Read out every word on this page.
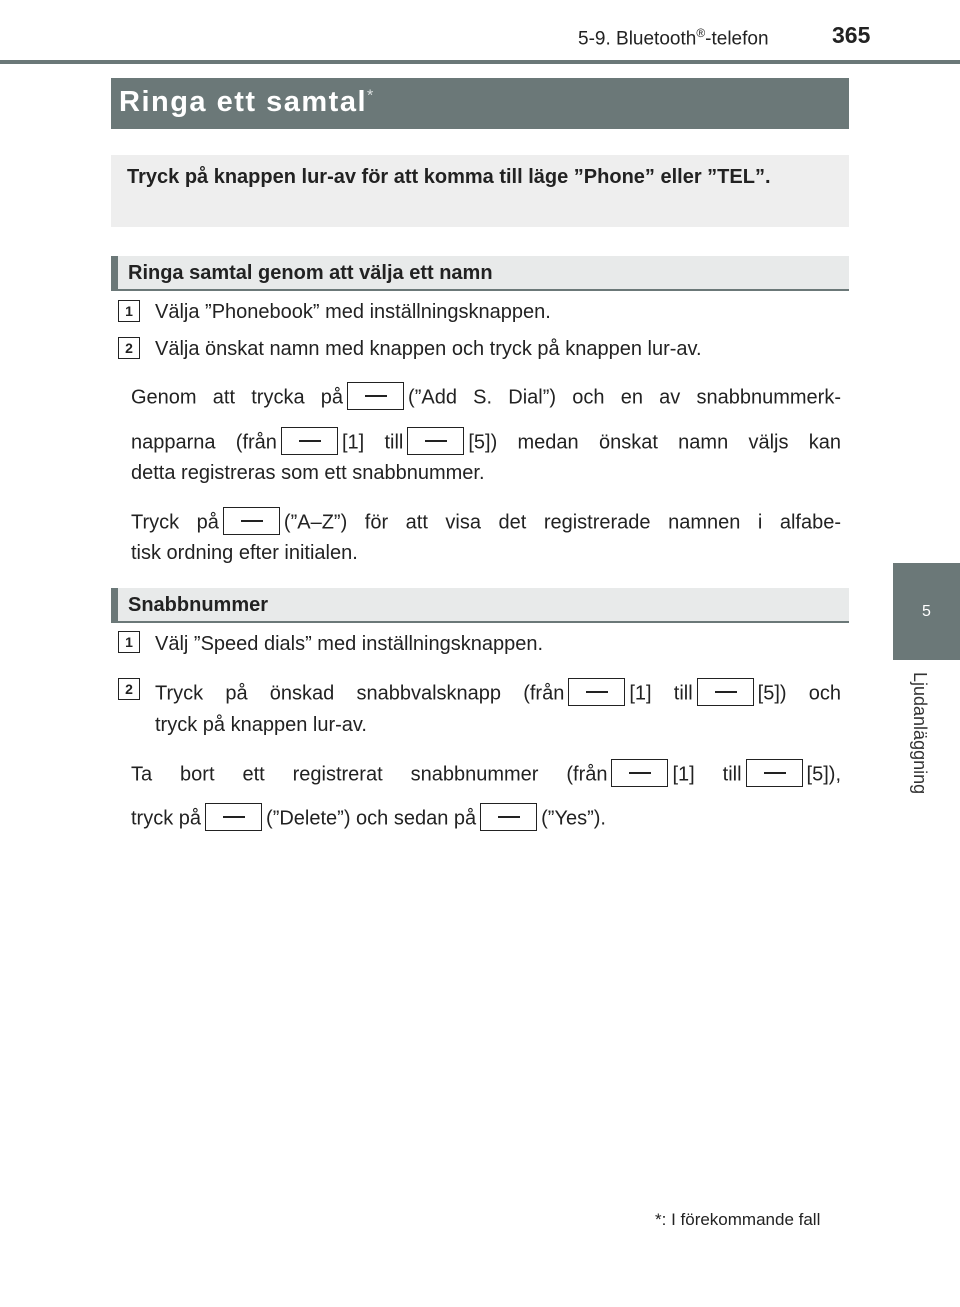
5-9. Bluetooth®-telefon	365
5
Ljudanläggning
Ringa ett samtal*
Tryck på knappen lur-av för att komma till läge ”Phone” eller ”TEL”.
Ringa samtal genom att välja ett namn
1	Välja ”Phonebook” med inställningsknappen.
2	Välja önskat namn med knappen och tryck på knappen lur-av.
Genom att trycka på	(”Add S. Dial”) och en av snabbnummerk-
napparna (från	[1] till	[5]) medan önskat namn väljs kan
detta registreras som ett snabbnummer.
Tryck på	(”A–Z”) för att visa det registrerade namnen i alfabe-
tisk ordning efter initialen.
Snabbnummer
1	Välj ”Speed dials” med inställningsknappen.
2	Tryck på önskad snabbvalsknapp (från	[1] till	[5]) och
tryck på knappen lur-av.
Ta bort ett registrerat snabbnummer (från	[1] till	[5]),
tryck på	(”Delete”) och sedan på	(”Yes”).
*: I förekommande fall
